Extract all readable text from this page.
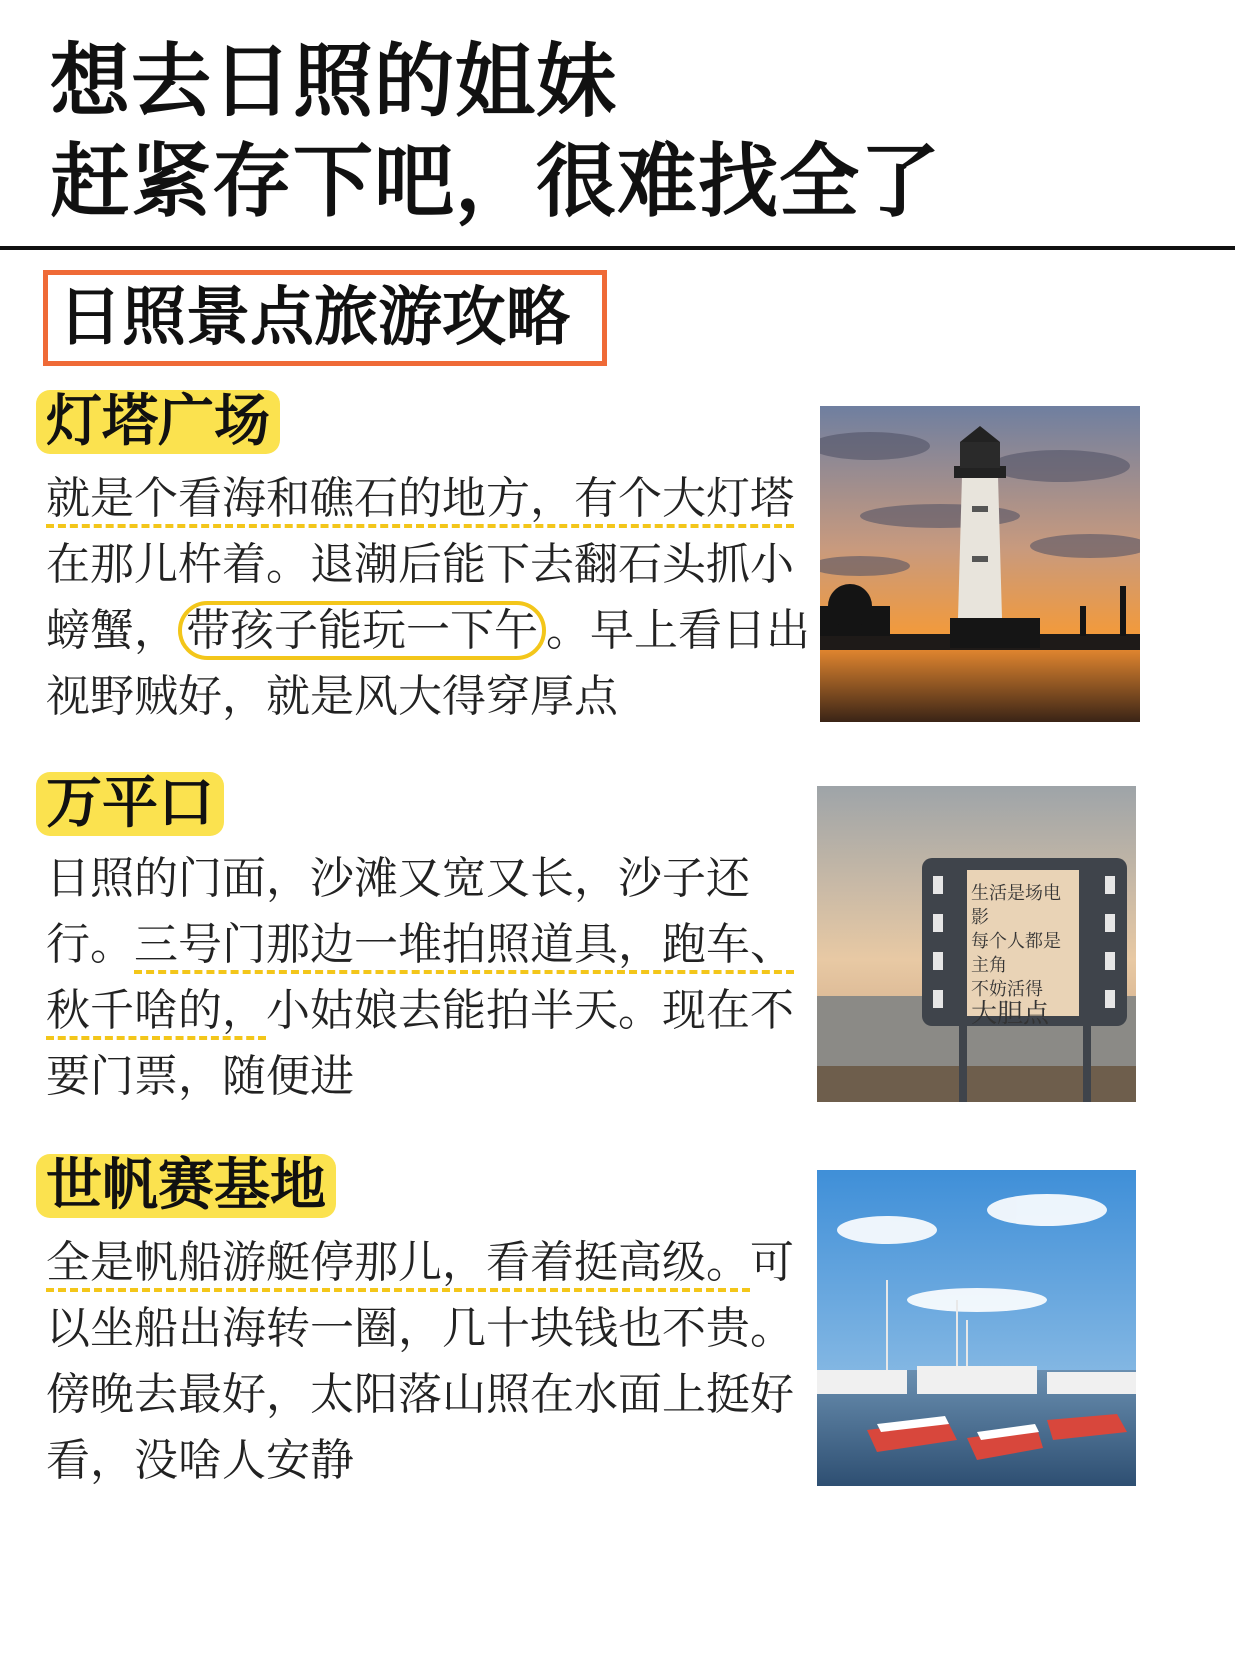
想去日照的姐妹
赶紧存下吧，很难找全了
日照景点旅游攻略
灯塔广场

就是个看海和礁石的地方，有个大灯塔

在那儿杵着。退潮后能下去翻石头抓小

螃蟹， 带孩子能玩一下午 。早上看日出

视野贼好，就是风大得穿厚点

万平口

日照的门面，沙滩又宽又长，沙子还

行。三号门那边一堆拍照道具，跑车、

秋千啥的，小姑娘去能拍半天。现在不

要门票，随便进

生活是场电影
每个人都是
主角
不妨活得
大胆点
世帆赛基地

全是帆船游艇停那儿，看着挺高级。可

以坐船出海转一圈，几十块钱也不贵。

傍晚去最好，太阳落山照在水面上挺好

看，没啥人安静
